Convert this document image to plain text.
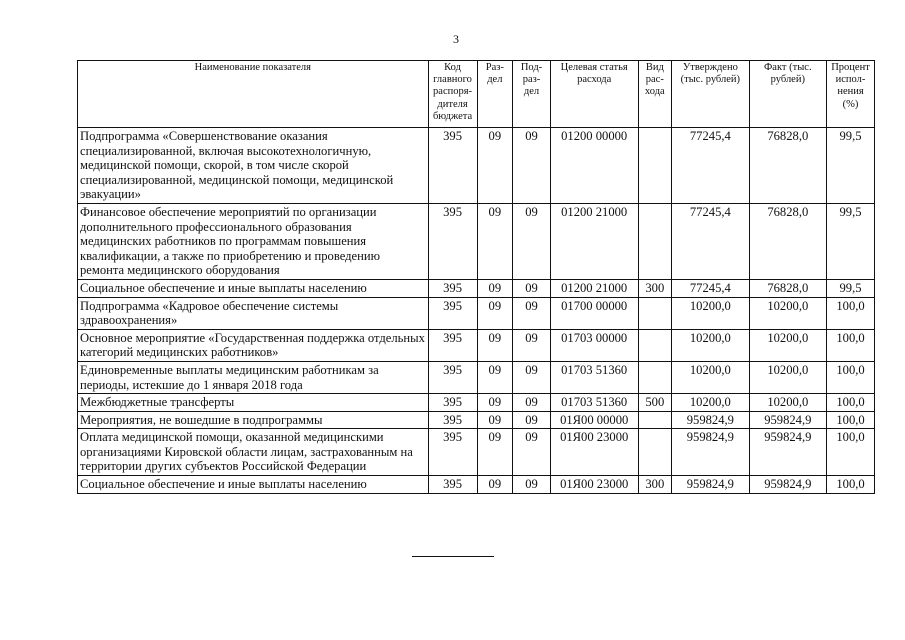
3
Наименование показателя	Код главного распоря-дителя бюджета	Раз-дел	Под-раз-дел	Целевая статья расхода	Вид рас-хода	Утверждено (тыс. рублей)	Факт (тыс. рублей)	Процент испол-нения (%)
Подпрограмма «Совершенствование оказания специализированной, включая высокотехнологичную, медицинской помощи, скорой, в том числе скорой специализированной, медицинской помощи, медицинской эвакуации»	395	09	09	01200 00000		77245,4	76828,0	99,5
Финансовое обеспечение мероприятий по организации дополнительного профессионального образования медицинских работников по программам повышения квалификации, а также по приобретению и проведению ремонта медицинского оборудования	395	09	09	01200 21000		77245,4	76828,0	99,5
Социальное обеспечение и иные выплаты населению	395	09	09	01200 21000	300	77245,4	76828,0	99,5
Подпрограмма «Кадровое обеспечение системы здравоохранения»	395	09	09	01700 00000		10200,0	10200,0	100,0
Основное мероприятие «Государственная поддержка отдельных категорий медицинских работников»	395	09	09	01703 00000		10200,0	10200,0	100,0
Единовременные выплаты медицинским работникам за периоды, истекшие до 1 января 2018 года	395	09	09	01703 51360		10200,0	10200,0	100,0
Межбюджетные трансферты	395	09	09	01703 51360	500	10200,0	10200,0	100,0
Мероприятия, не вошедшие в подпрограммы	395	09	09	01Я00 00000		959824,9	959824,9	100,0
Оплата медицинской помощи, оказанной медицинскими организациями Кировской области лицам, застрахованным на территории других субъектов Российской Федерации	395	09	09	01Я00 23000		959824,9	959824,9	100,0
Социальное обеспечение и иные выплаты населению	395	09	09	01Я00 23000	300	959824,9	959824,9	100,0
